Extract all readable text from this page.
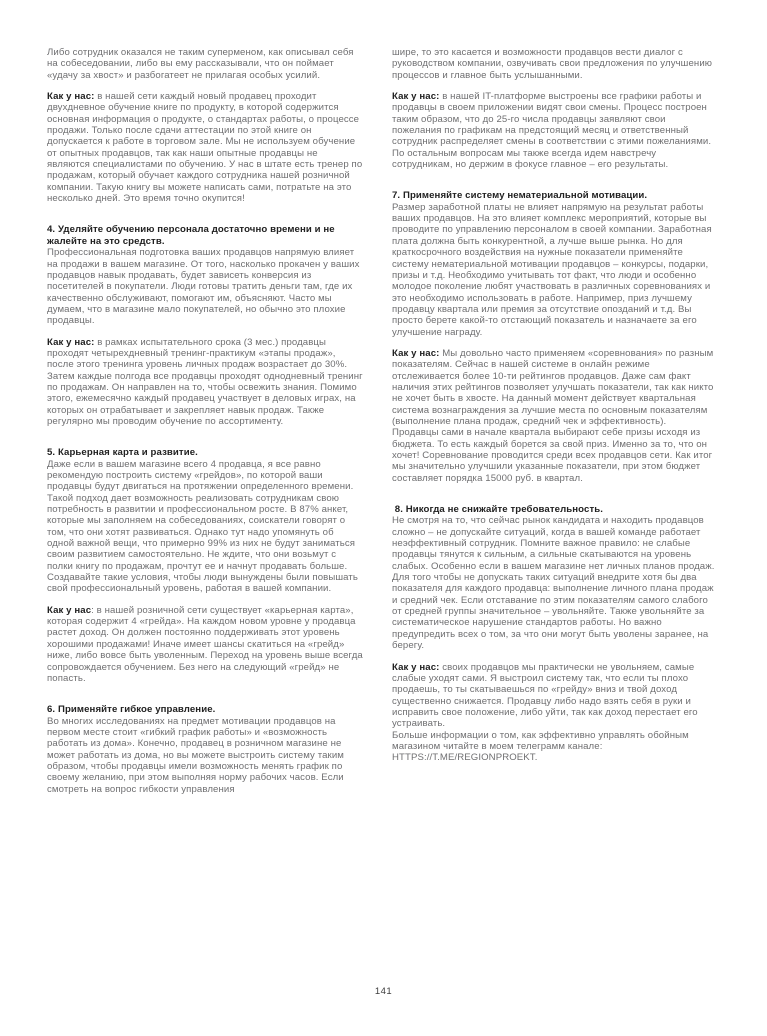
Либо сотрудник оказался не таким суперменом, как описывал себя на собеседовании, либо вы ему рассказывали, что он поймает «удачу за хвост» и разбогатеет не прилагая особых усилий.
Как у нас: в нашей сети каждый новый продавец проходит двухдневное обучение книге по продукту, в которой содержится основная информация о продукте, о стандартах работы, о процессе продажи. Только после сдачи аттестации по этой книге он допускается к работе в торговом зале. Мы не используем обучение от опытных продавцов, так как наши опытные продавцы не являются специалистами по обучению. У нас в штате есть тренер по продажам, который обучает каждого сотрудника нашей розничной компании. Такую книгу вы можете написать сами, потратьте на это несколько дней. Это время точно окупится!
4. Уделяйте обучению персонала достаточно времени и не жалейте на это средств.
Профессиональная подготовка ваших продавцов напрямую влияет на продажи в вашем магазине. От того, насколько прокачен у ваших продавцов навык продавать, будет зависеть конверсия из посетителей в покупатели. Люди готовы тратить деньги там, где их качественно обслуживают, помогают им, объясняют. Часто мы думаем, что в магазине мало покупателей, но обычно это плохие продавцы.
Как у нас: в рамках испытательного срока (3 мес.) продавцы проходят четырехдневный тренинг-практикум «этапы продаж», после этого тренинга уровень личных продаж возрастает до 30%. Затем каждые полгода все продавцы проходят однодневный тренинг по продажам. Он направлен на то, чтобы освежить знания. Помимо этого, ежемесячно каждый продавец участвует в деловых играх, на которых он отрабатывает и закрепляет навык продаж. Также регулярно мы проводим обучение по ассортименту.
5. Карьерная карта и развитие.
Даже если в вашем магазине всего 4 продавца, я все равно рекомендую построить систему «грейдов», по которой ваши продавцы будут двигаться на протяжении определенного времени. Такой подход дает возможность реализовать сотрудникам свою потребность в развитии и профессиональном росте. В 87% анкет, которые мы заполняем на собеседованиях, соискатели говорят о том, что они хотят развиваться. Однако тут надо упомянуть об одной важной вещи, что примерно 99% из них не будут заниматься своим развитием самостоятельно. Не ждите, что они возьмут с полки книгу по продажам, прочтут ее и начнут продавать больше. Создавайте такие условия, чтобы люди вынуждены были повышать свой профессиональный уровень, работая в вашей компании.
Как у нас: в нашей розничной сети существует «карьерная карта», которая содержит 4 «грейда». На каждом новом уровне у продавца растет доход. Он должен постоянно поддерживать этот уровень хорошими продажами! Иначе имеет шансы скатиться на «грейд» ниже, либо вовсе быть уволенным. Переход на уровень выше всегда сопровождается обучением. Без него на следующий «грейд» не попасть.
6. Применяйте гибкое управление.
Во многих исследованиях на предмет мотивации продавцов на первом месте стоит «гибкий график работы» и «возможность работать из дома». Конечно, продавец в розничном магазине не может работать из дома, но вы можете выстроить систему таким образом, чтобы продавцы имели возможность менять график по своему желанию, при этом выполняя норму рабочих часов. Если смотреть на вопрос гибкости управления
шире, то это касается и возможности продавцов вести диалог с руководством компании, озвучивать свои предложения по улучшению процессов и главное быть услышанными.
Как у нас: в нашей IT-платформе выстроены все графики работы и продавцы в своем приложении видят свои смены. Процесс построен таким образом, что до 25-го числа продавцы заявляют свои пожелания по графикам на предстоящий месяц и ответственный сотрудник распределяет смены в соответствии с этими пожеланиями. По остальным вопросам мы также всегда идем навстречу сотрудникам, но держим в фокусе главное – его результаты.
7. Применяйте систему нематериальной мотивации.
Размер заработной платы не влияет напрямую на результат работы ваших продавцов. На это влияет комплекс мероприятий, которые вы проводите по управлению персоналом в своей компании. Заработная плата должна быть конкурентной, а лучше выше рынка. Но для краткосрочного воздействия на нужные показатели применяйте систему нематериальной мотивации продавцов – конкурсы, подарки, призы и т.д. Необходимо учитывать тот факт, что люди и особенно молодое поколение любят участвовать в различных соревнованиях и это необходимо использовать в работе. Например, приз лучшему продавцу квартала или премия за отсутствие опозданий и т.д. Вы просто берете какой-то отстающий показатель и назначаете за его улучшение награду.
Как у нас: Мы довольно часто применяем «соревнования» по разным показателям. Сейчас в нашей системе в онлайн режиме отслеживается более 10-ти рейтингов продавцов. Даже сам факт наличия этих рейтингов позволяет улучшать показатели, так как никто не хочет быть в хвосте. На данный момент действует квартальная система вознаграждения за лучшие места по основным показателям (выполнение плана продаж, средний чек и эффективность). Продавцы сами в начале квартала выбирают себе призы исходя из бюджета. То есть каждый борется за свой приз. Именно за то, что он хочет! Соревнование проводится среди всех продавцов сети. Как итог мы значительно улучшили указанные показатели, при этом бюджет составляет порядка 15000 руб. в квартал.
8. Никогда не снижайте требовательность.
Не смотря на то, что сейчас рынок кандидата и находить продавцов сложно – не допускайте ситуаций, когда в вашей команде работает неэффективный сотрудник. Помните важное правило: не слабые продавцы тянутся к сильным, а сильные скатываются на уровень слабых. Особенно если в вашем магазине нет личных планов продаж. Для того чтобы не допускать таких ситуаций внедрите хотя бы два показателя для каждого продавца: выполнение личного плана продаж и средний чек. Если отставание по этим показателям самого слабого от средней группы значительное – увольняйте. Также увольняйте за систематическое нарушение стандартов работы. Но важно предупредить всех о том, за что они могут быть уволены заранее, на берегу.
Как у нас: своих продавцов мы практически не увольняем, самые слабые уходят сами. Я выстроил систему так, что если ты плохо продаешь, то ты скатываешься по «грейду» вниз и твой доход существенно снижается. Продавцу либо надо взять себя в руки и исправить свое положение, либо уйти, так как доход перестает его устраивать.
Больше информации о том, как эффективно управлять обойным магазином читайте в моем телеграмм канале: HTTPS://T.ME/REGIONPROEKT.
141
